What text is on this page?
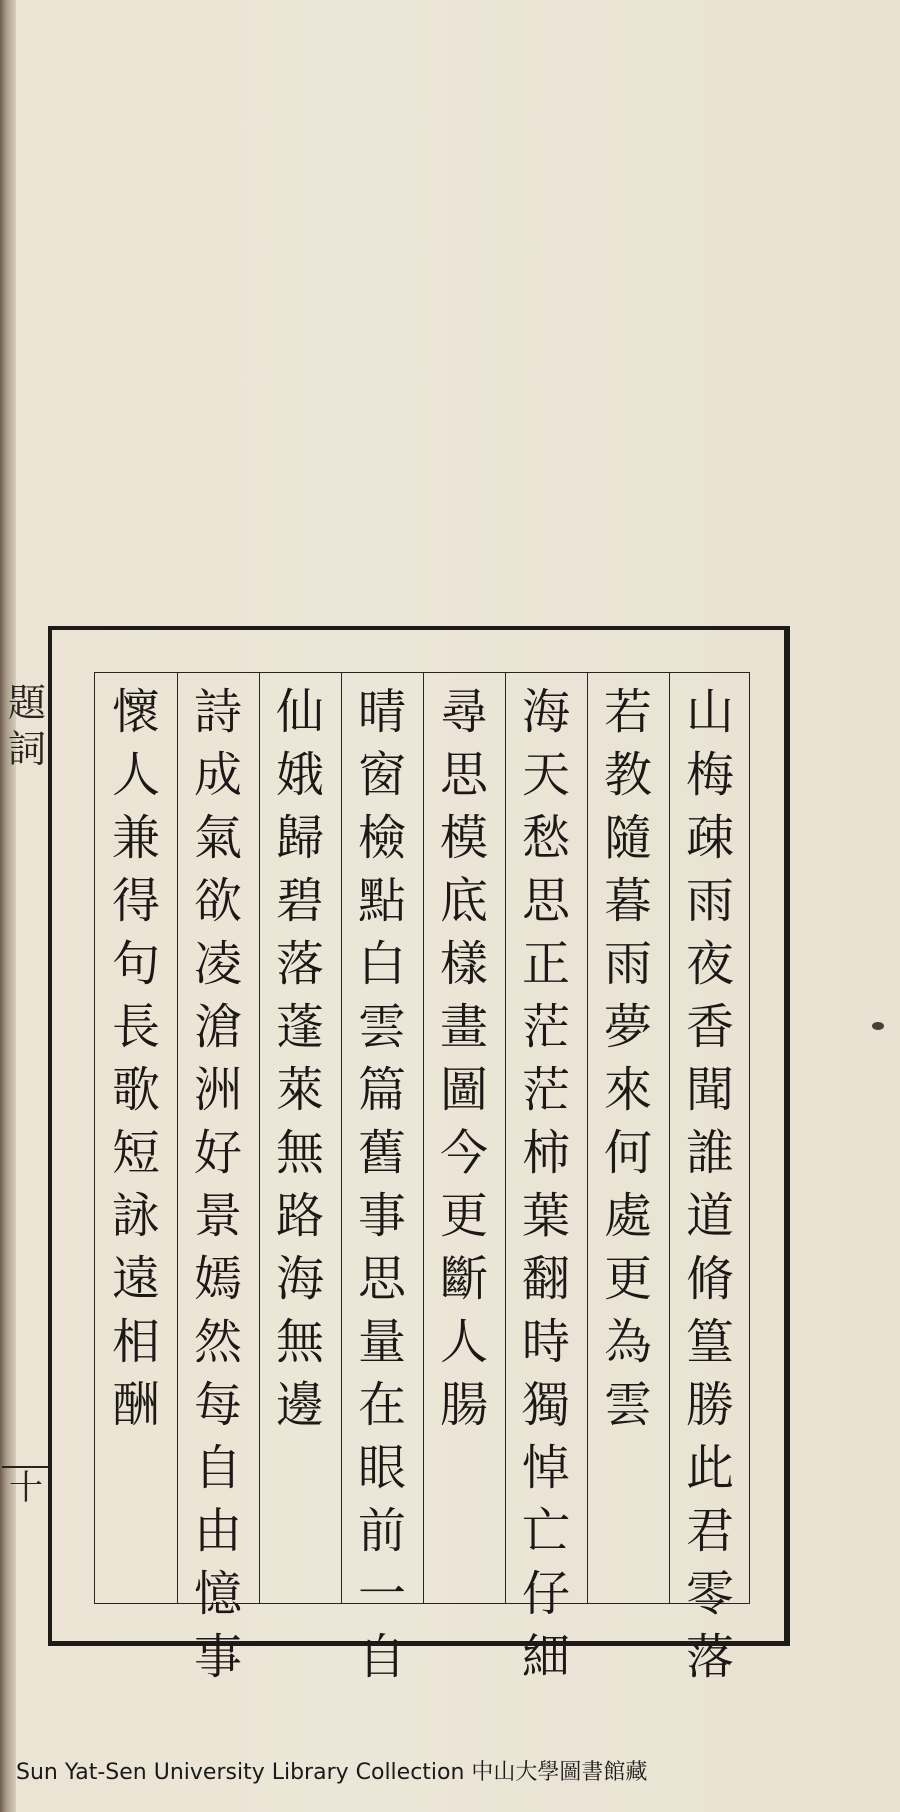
題詞
十
山梅疎雨夜香聞誰道脩篁勝此君零落
若教隨暮雨夢來何處更為雲
海天愁思正茫茫柿葉翻時獨悼亡仔細
尋思模底樣畫圖今更斷人腸
晴窗檢點白雲篇舊事思量在眼前一自
仙娥歸碧落蓬萊無路海無邊
詩成氣欲凌滄洲好景嫣然每自由憶事
懷人兼得句長歌短詠遠相酬
Sun Yat-Sen University Library Collection 中山大學圖書館藏
